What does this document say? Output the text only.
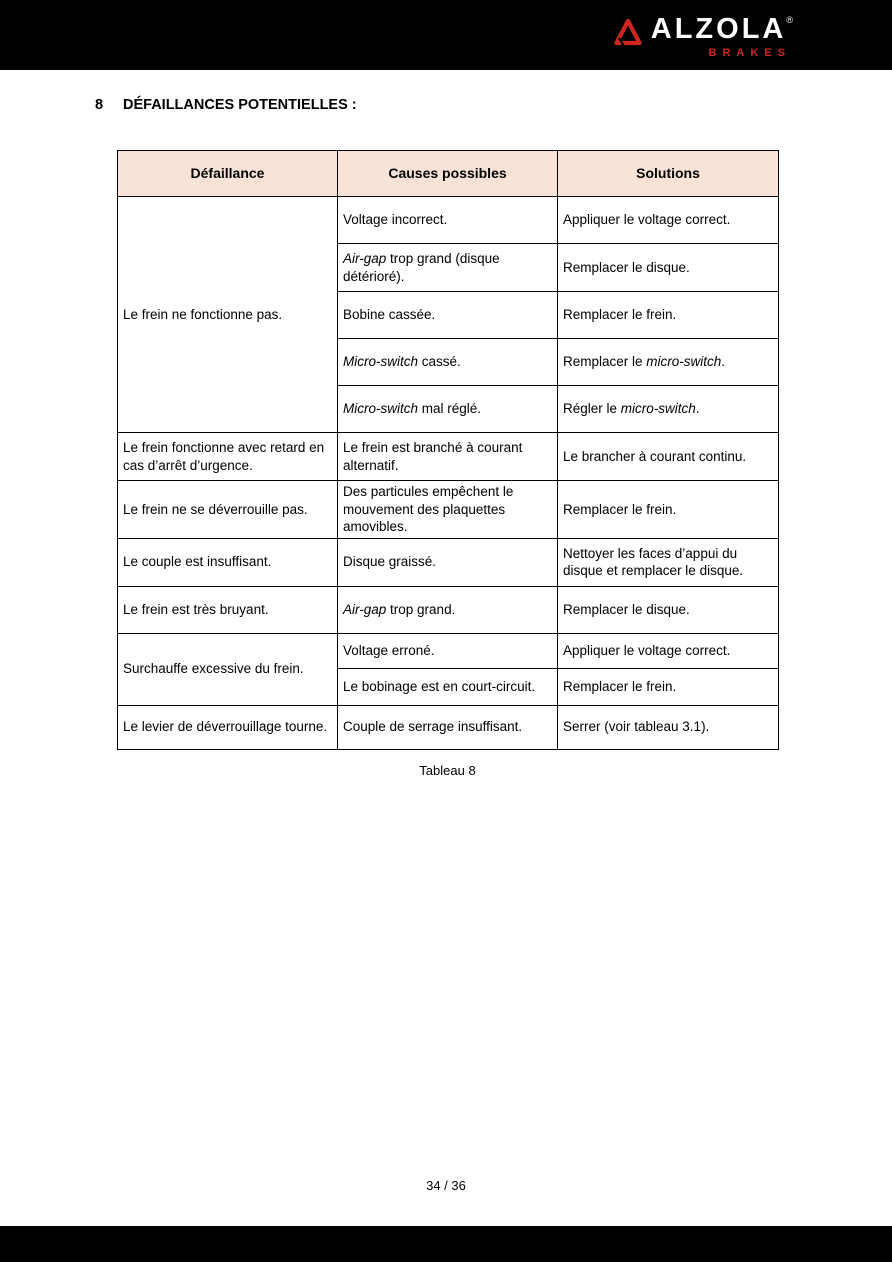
ALZOLA ®
BRAKES
8	DÉFAILLANCES POTENTIELLES :
Défaillance	Causes possibles	Solutions
Le frein ne fonctionne pas.	Voltage incorrect.	Appliquer le voltage correct.
	Air-gap trop grand (disque détérioré).	Remplacer le disque.
	Bobine cassée.	Remplacer le frein.
	Micro-switch cassé.	Remplacer le micro-switch.
	Micro-switch mal réglé.	Régler le micro-switch.
Le frein fonctionne avec retard en cas d’arrêt d’urgence.	Le frein est branché à courant alternatif.	Le brancher à courant continu.
Le frein ne se déverrouille pas.	Des particules empêchent le mouvement des plaquettes amovibles.	Remplacer le frein.
Le couple est insuffisant.	Disque graissé.	Nettoyer les faces d’appui du disque et remplacer le disque.
Le frein est très bruyant.	Air-gap trop grand.	Remplacer le disque.
Surchauffe excessive du frein.	Voltage erroné.	Appliquer le voltage correct.
	Le bobinage est en court-circuit.	Remplacer le frein.
Le levier de déverrouillage tourne.	Couple de serrage insuffisant.	Serrer (voir tableau 3.1).
Tableau 8
34 / 36
